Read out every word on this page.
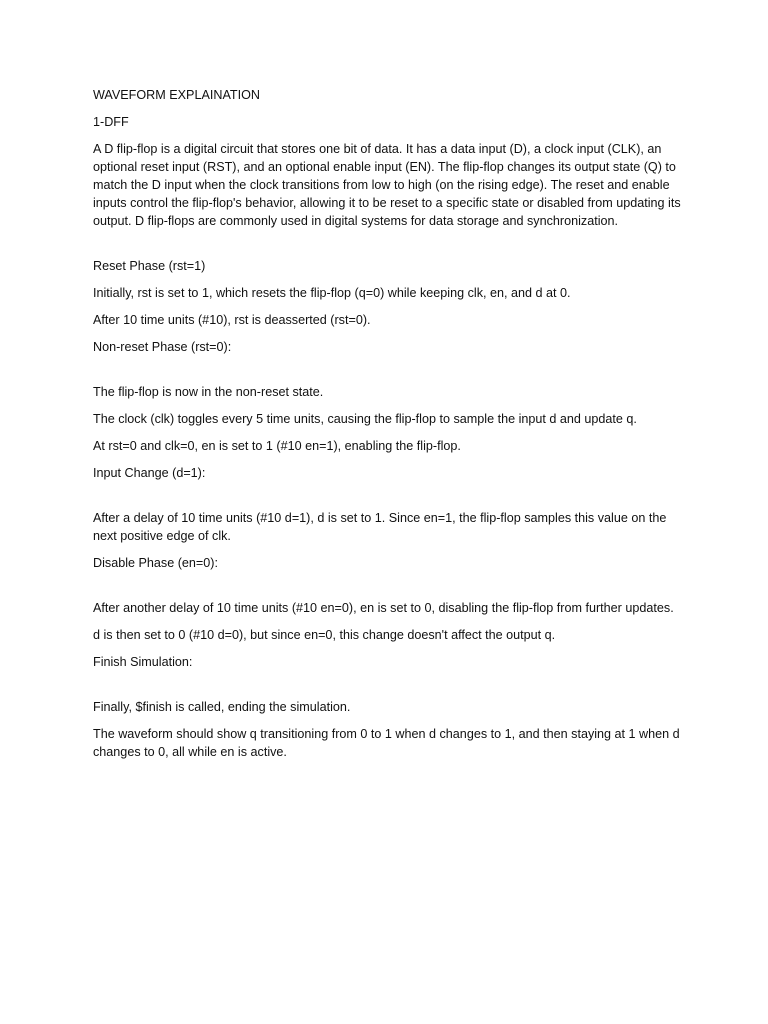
WAVEFORM EXPLAINATION

1-DFF

A D flip-flop is a digital circuit that stores one bit of data. It has a data input (D), a clock input (CLK), an optional reset input (RST), and an optional enable input (EN). The flip-flop changes its output state (Q) to match the D input when the clock transitions from low to high (on the rising edge). The reset and enable inputs control the flip-flop's behavior, allowing it to be reset to a specific state or disabled from updating its output. D flip-flops are commonly used in digital systems for data storage and synchronization.

Reset Phase (rst=1)

Initially, rst is set to 1, which resets the flip-flop (q=0) while keeping clk, en, and d at 0.

After 10 time units (#10), rst is deasserted (rst=0).

Non-reset Phase (rst=0):

The flip-flop is now in the non-reset state.

The clock (clk) toggles every 5 time units, causing the flip-flop to sample the input d and update q.

At rst=0 and clk=0, en is set to 1 (#10 en=1), enabling the flip-flop.

Input Change (d=1):

After a delay of 10 time units (#10 d=1), d is set to 1. Since en=1, the flip-flop samples this value on the next positive edge of clk.

Disable Phase (en=0):

After another delay of 10 time units (#10 en=0), en is set to 0, disabling the flip-flop from further updates.

d is then set to 0 (#10 d=0), but since en=0, this change doesn't affect the output q.

Finish Simulation:

Finally, $finish is called, ending the simulation.

The waveform should show q transitioning from 0 to 1 when d changes to 1, and then staying at 1 when d changes to 0, all while en is active.
